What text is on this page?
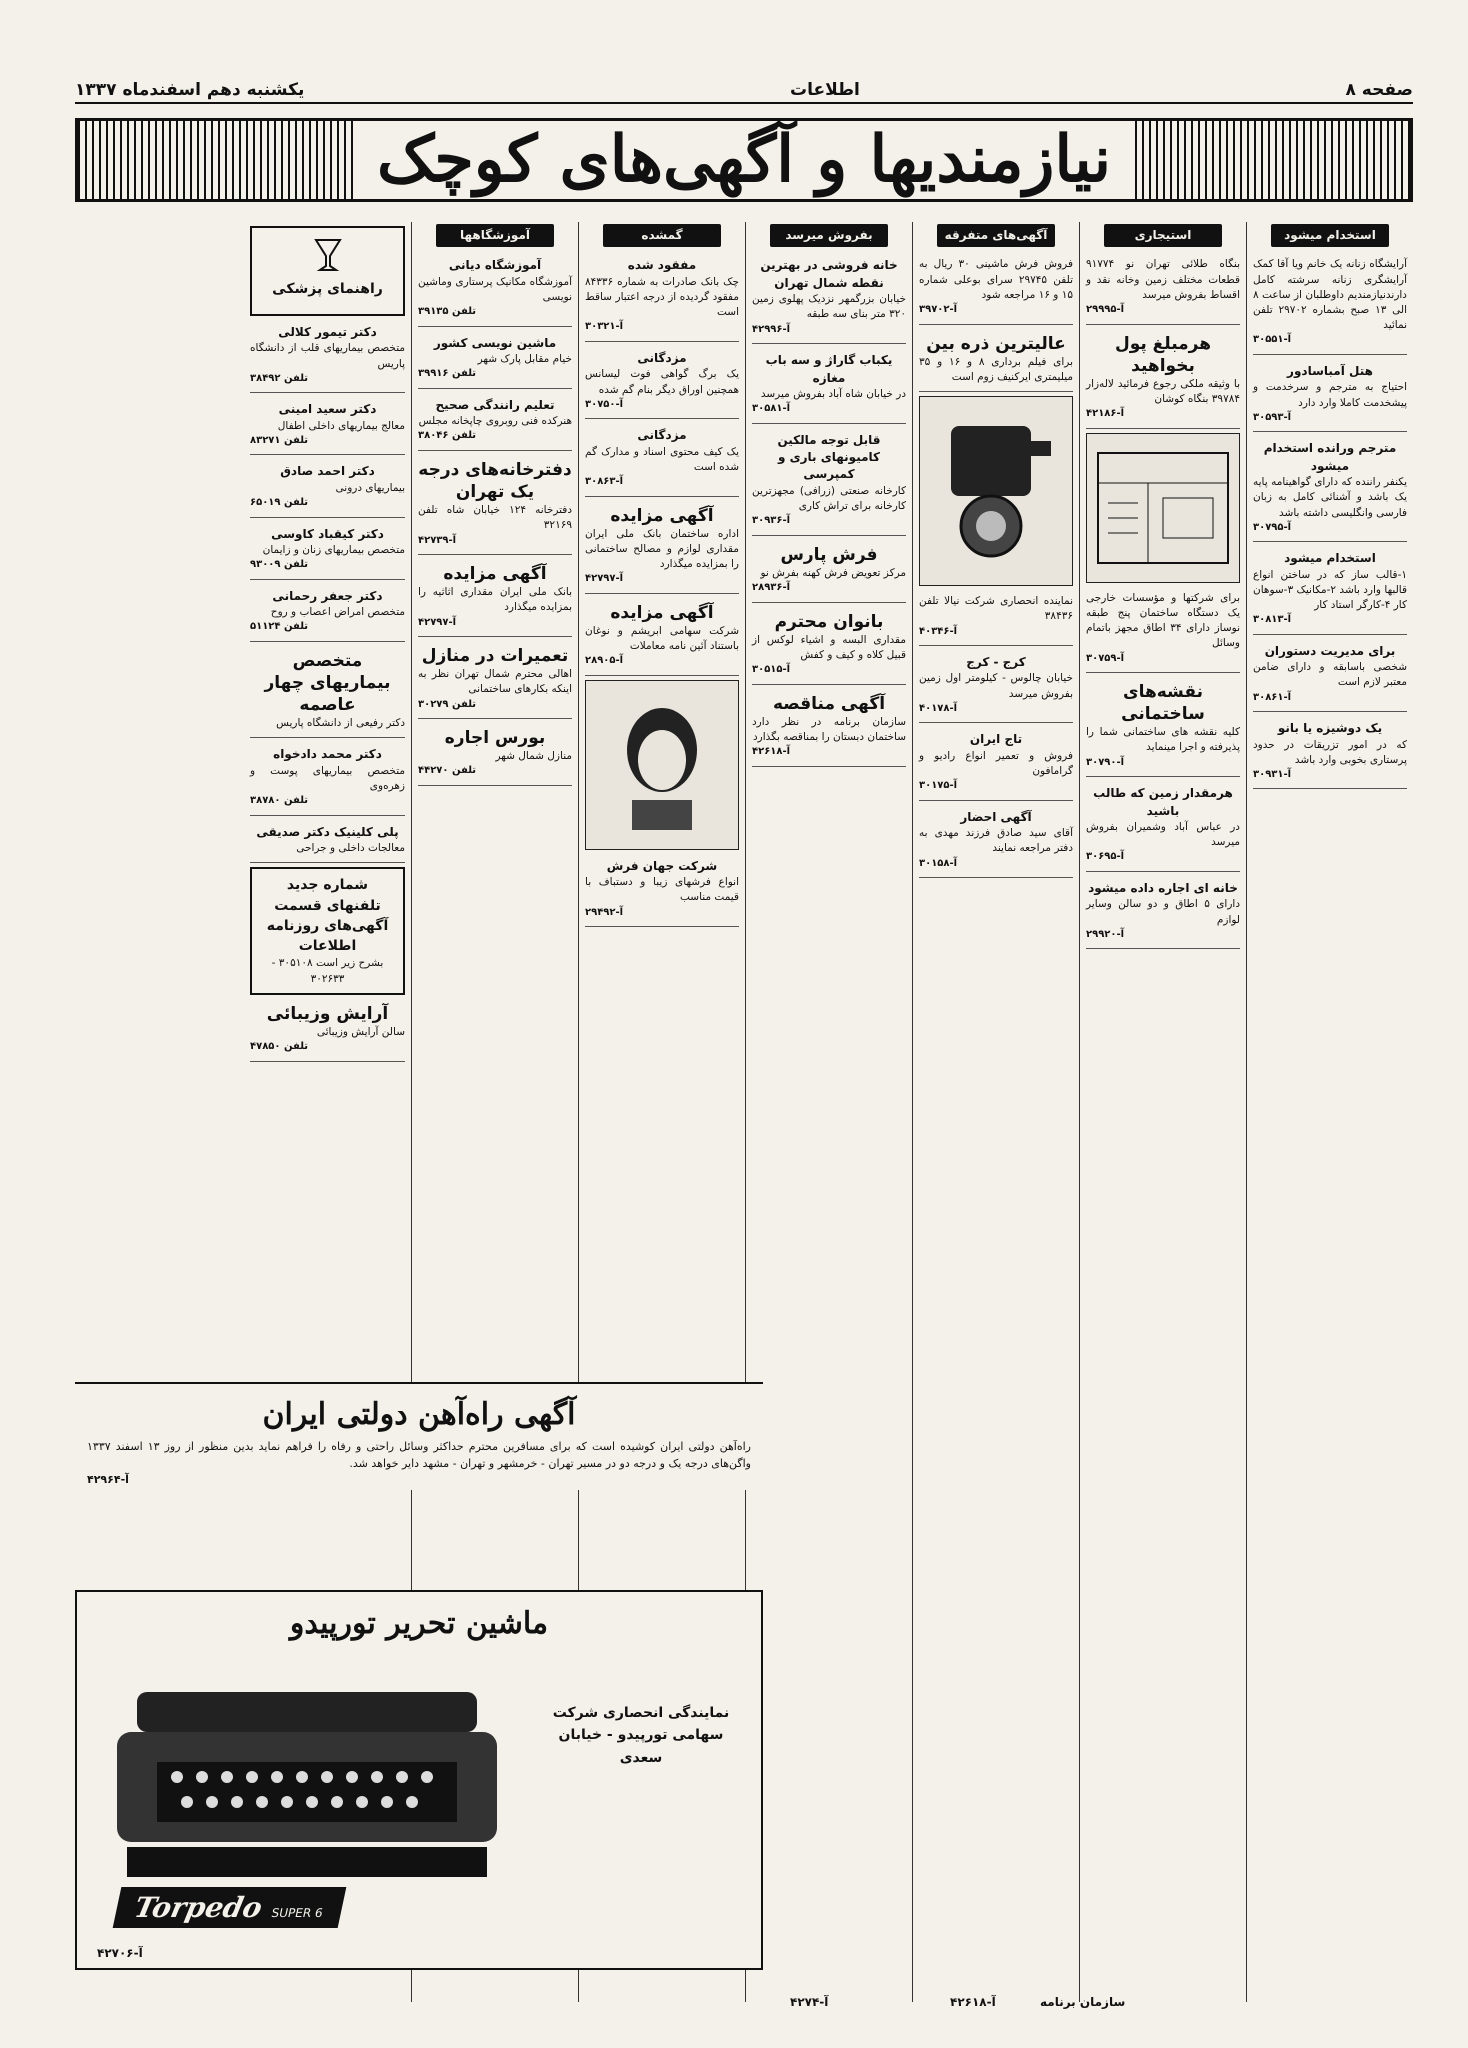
صفحه ۸
اطلاعات
یکشنبه دهم اسفندماه ۱۳۳۷
نیازمندیها و آگهی‌های کوچک
استخدام میشود
آرایشگاه زنانه یک خانم ویا آقا کمک آرایشگری زنانه سرشته کامل دارندنیازمندیم داوطلبان از ساعت ۸ الی ۱۳ صبح بشماره ۲۹۷۰۲ تلفن نمائید
آ-۳۰۵۵۱
هتل آمباسادور
احتیاج به مترجم و سرخدمت و پیشخدمت کاملا وارد دارد
آ-۳۰۵۹۳
مترجم ورانده استخدام میشود
یکنفر راننده که دارای گواهینامه پایه یک باشد و آشنائی کامل به زبان فارسی وانگلیسی داشته باشد
آ-۳۰۷۹۵
استخدام میشود
۱-قالب ساز که در ساختن انواع قالبها وارد باشد ۲-مکانیک ۳-سوهان کار ۴-کارگر استاد کار
آ-۳۰۸۱۳
برای مدیریت دستوران
شخصی باسابقه و دارای ضامن معتبر لازم است
آ-۳۰۸۶۱
یک دوشیزه یا بانو
که در امور تزریقات در حدود پرستاری بخوبی وارد باشد
آ-۳۰۹۳۱
استیجاری
بنگاه طلائی تهران نو ۹۱۷۷۴ قطعات مختلف زمین وخانه نقد و اقساط بفروش میرسد
آ-۲۹۹۹۵
هرمبلغ پول بخواهید
با وثیقه ملکی رجوع فرمائید لاله‌زار ۳۹۷۸۴ بنگاه کوشان
آ-۴۲۱۸۶
برای شرکتها و مؤسسات خارجی یک دستگاه ساختمان پنج طبقه نوساز دارای ۳۴ اطاق مجهز باتمام وسائل
آ-۳۰۷۵۹
نقشه‌های ساختمانی
کلیه نقشه های ساختمانی شما را پذیرفته و اجرا مینماید
آ-۳۰۷۹۰
هرمقدار زمین که طالب باشید
در عباس آباد وشمیران بفروش میرسد
آ-۳۰۶۹۵
خانه ای اجاره داده میشود
دارای ۵ اطاق و دو سالن وسایر لوازم
آ-۲۹۹۲۰
آگهی‌های متفرقه
فروش فرش ماشینی ۳۰ ریال به تلفن ۲۹۷۴۵ سرای بوعلی شماره ۱۵ و ۱۶ مراجعه شود
آ-۳۹۷۰۲
عالیترین ذره بین
برای فیلم برداری ۸ و ۱۶ و ۳۵ میلیمتری ایرکنیف زوم است
نماینده انحصاری شرکت نیالا تلفن ۳۸۴۳۶
آ-۴۰۳۴۶
کرج - کرج
خیابان چالوس - کیلومتر اول زمین بفروش میرسد
آ-۴۰۱۷۸
تاج ایران
فروش و تعمیر انواع رادیو و گرامافون
آ-۳۰۱۷۵
آگهی احضار
آقای سید صادق فرزند مهدی به دفتر مراجعه نمایند
آ-۳۰۱۵۸
بفروش میرسد
خانه فروشی در بهترین نقطه شمال تهران
خیابان بزرگمهر نزدیک پهلوی زمین ۳۲۰ متر بنای سه طبقه
آ-۴۲۹۹۶
یکباب گاراژ و سه باب مغازه
در خیابان شاه آباد بفروش میرسد
آ-۳۰۵۸۱
قابل توجه مالکین کامیونهای باری و کمپرسی
کارخانه صنعتی (زرافی) مجهزترین کارخانه برای تراش کاری
آ-۳۰۹۳۶
فرش پارس
مرکز تعویض فرش کهنه بفرش نو
آ-۲۸۹۳۶
بانوان محترم
مقداری البسه و اشیاء لوکس از قبیل کلاه و کیف و کفش
آ-۳۰۵۱۵
آگهی مناقصه
سازمان برنامه در نظر دارد ساختمان دبستان را بمناقصه بگذارد
آ-۴۲۶۱۸
گمشده
مفقود شده
چک بانک صادرات به شماره ۸۴۳۳۶ مفقود گردیده از درجه اعتبار ساقط است
آ-۳۰۳۲۱
مزدگانی
یک برگ گواهی فوت لیسانس همچنین اوراق دیگر بنام گم شده
آ-۳۰۷۵۰
مزدگانی
یک کیف محتوی اسناد و مدارک گم شده است
آ-۳۰۸۶۳
آگهی مزایده
اداره ساختمان بانک ملی ایران مقداری لوازم و مصالح ساختمانی را بمزایده میگذارد
آ-۴۲۷۹۷
آگهی مزایده
شرکت سهامی ابریشم و نوغان باستناد آئین نامه معاملات
آ-۲۸۹۰۵
شرکت جهان فرش
انواع فرشهای زیبا و دستباف با قیمت مناسب
آ-۲۹۴۹۲
آموزشگاهها
آموزشگاه دیانی
آموزشگاه مکانیک پرستاری وماشین نویسی
تلفن ۳۹۱۳۵
ماشین نویسی کشور
خیام مقابل پارک شهر
تلفن ۳۹۹۱۶
تعلیم رانندگی صحیح
هنرکده فنی روبروی چاپخانه مجلس
تلفن ۳۸۰۴۶
دفترخانه‌های درجه یک تهران
دفترخانه ۱۲۴ خیابان شاه تلفن ۳۲۱۶۹
آ-۴۲۷۳۹
آگهی مزایده
بانک ملی ایران مقداری اثاثیه را بمزایده میگذارد
آ-۴۲۷۹۷
تعمیرات در منازل
اهالی محترم شمال تهران نظر به اینکه بکارهای ساختمانی
تلفن ۳۰۲۷۹
بورس اجاره
منازل شمال شهر
تلفن ۴۴۲۷۰
راهنمای پزشکی
دکتر تیمور کلالی
متخصص بیماریهای قلب از دانشگاه پاریس
تلفن ۳۸۴۹۲
دکتر سعید امینی
معالج بیماریهای داخلی اطفال
تلفن ۸۳۲۷۱
دکتر احمد صادق
بیماریهای درونی
تلفن ۶۵۰۱۹
دکتر کیقباد کاوسی
متخصص بیماریهای زنان و زایمان
تلفن ۹۳۰۰۹
دکتر جعفر رحمانی
متخصص امراض اعصاب و روح
تلفن ۵۱۱۲۴
متخصص بیماریهای چهار عاصمه
دکتر رفیعی از دانشگاه پاریس
دکتر محمد دادخواه
متخصص بیماریهای پوست و زهره‌وی
تلفن ۳۸۷۸۰
پلی کلینیک دکتر صدیقی
معالجات داخلی و جراحی
شماره جدید تلفنهای قسمت آگهی‌های روزنامه اطلاعات
بشرح زیر است ۳۰۵۱۰۸ - ۳۰۲۶۳۳
آرایش وزیبائی
سالن آرایش وزیبائی
تلفن ۴۷۸۵۰
آگهی راه‌آهن دولتی ایران
راه‌آهن دولتی ایران کوشیده است که برای مسافرین محترم حداکثر وسائل راحتی و رفاه را فراهم نماید بدین منظور از روز ۱۳ اسفند ۱۳۳۷ واگن‌های درجه یک و درجه دو در مسیر تهران - خرمشهر و تهران - مشهد دایر خواهد شد.
آ-۴۲۹۶۴
ماشین تحریر تورپیدو
Torpedo SUPER 6
نمایندگی انحصاری شرکت سهامی تورپیدو - خیابان سعدی
آ-۴۲۷۰۶
آ-۴۲۷۴	آ-۴۲۶۱۸	سازمان برنامه
